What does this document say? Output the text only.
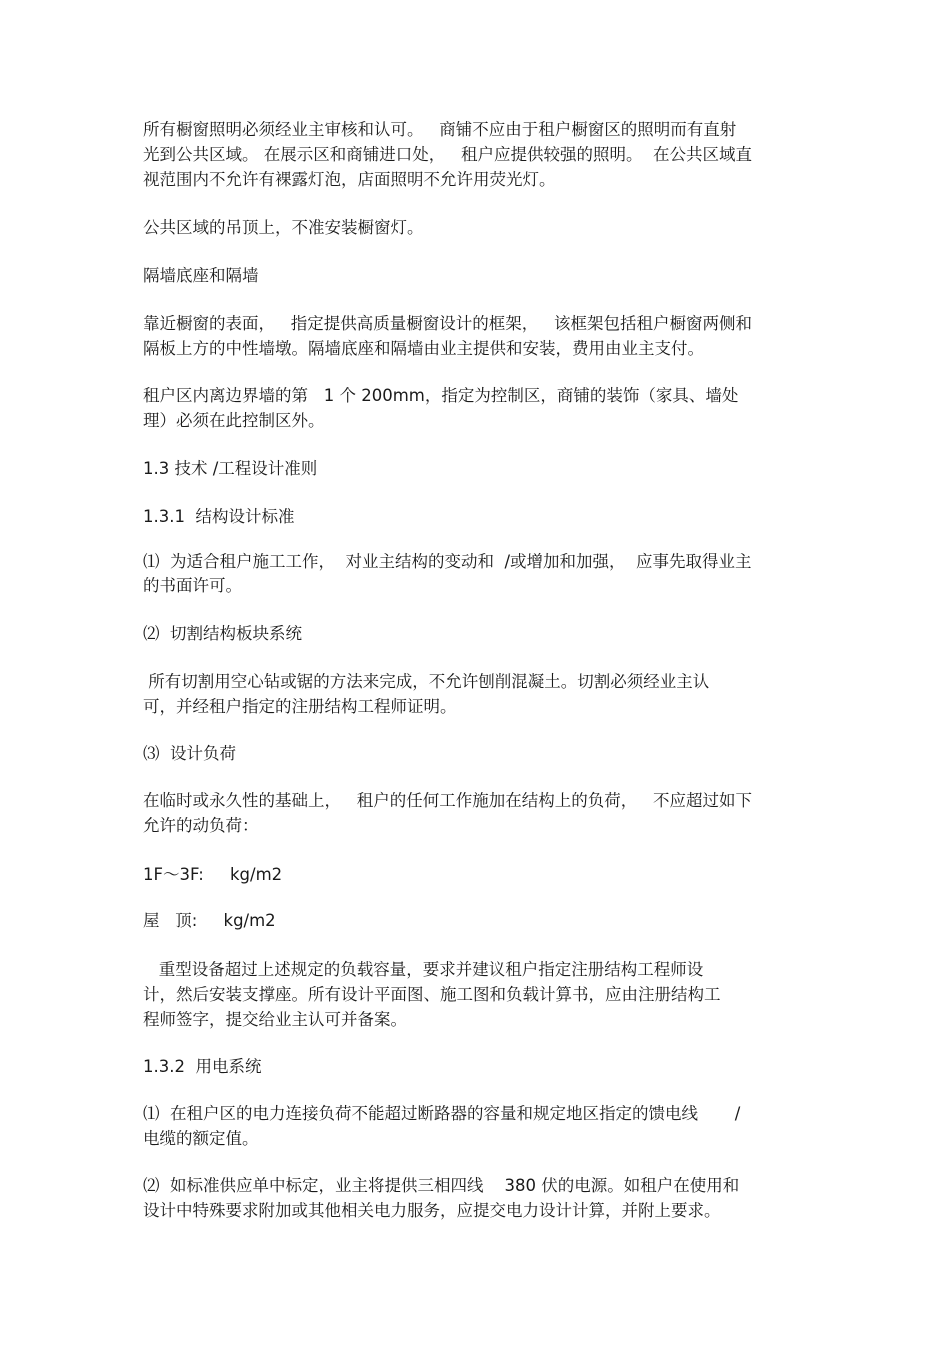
所有橱窗照明必须经业主审核和认可。   商铺不应由于租户橱窗区的照明而有直射
光到公共区域。 在展示区和商铺进口处，   租户应提供较强的照明。  在公共区域直
视范围内不允许有裸露灯泡，店面照明不允许用荧光灯。
公共区域的吊顶上，不准安装橱窗灯。
隔墙底座和隔墙
靠近橱窗的表面，   指定提供高质量橱窗设计的框架，   该框架包括租户橱窗两侧和
隔板上方的中性墙墩。隔墙底座和隔墙由业主提供和安装，费用由业主支付。
租户区内离边界墙的第   1 个 200mm，指定为控制区，商铺的装饰（家具、墙处
理）必须在此控制区外。
1.3 技术 /工程设计准则
1.3.1  结构设计标准
⑴  为适合租户施工工作，  对业主结构的变动和  /或增加和加强，  应事先取得业主
的书面许可。
⑵  切割结构板块系统
所有切割用空心钻或锯的方法来完成，不允许刨削混凝土。切割必须经业主认
可，并经租户指定的注册结构工程师证明。
⑶  设计负荷
在临时或永久性的基础上，   租户的任何工作施加在结构上的负荷，   不应超过如下
允许的动负荷：
1F～3F:     kg/m2
屋   顶:     kg/m2
重型设备超过上述规定的负载容量，要求并建议租户指定注册结构工程师设
计，然后安装支撑座。所有设计平面图、施工图和负载计算书，应由注册结构工
程师签字，提交给业主认可并备案。
1.3.2  用电系统
⑴  在租户区的电力连接负荷不能超过断路器的容量和规定地区指定的馈电线       /
电缆的额定值。
⑵  如标准供应单中标定，业主将提供三相四线    380 伏的电源。如租户在使用和
设计中特殊要求附加或其他相关电力服务，应提交电力设计计算，并附上要求。
